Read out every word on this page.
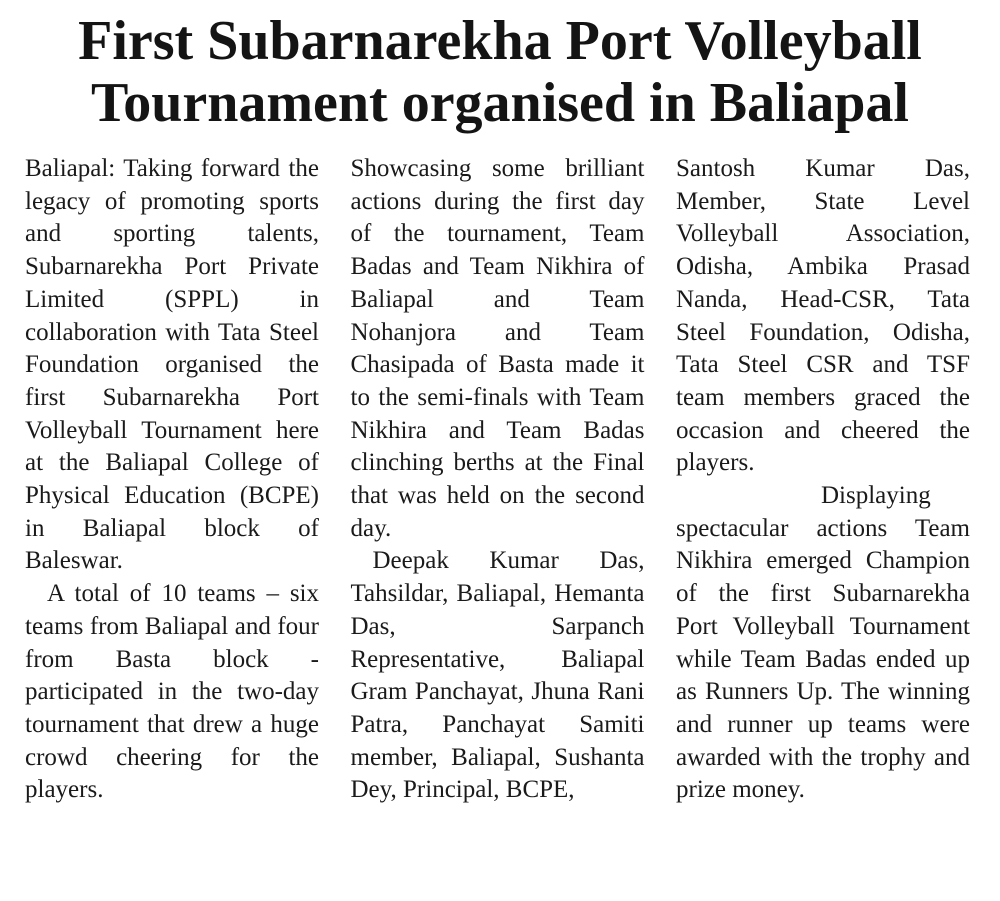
First Subarnarekha Port Volleyball
Tournament organised in Baliapal

Baliapal: Taking forward the legacy of promoting sports and sporting talents, Subarnarekha Port Private Limited (SPPL) in collaboration with Tata Steel Foundation organised the first Subarnarekha Port Volleyball Tournament here at the Baliapal College of Physical Education (BCPE) in Baliapal block of Baleswar.

A total of 10 teams – six teams from Baliapal and four from Basta block - participated in the two-day tournament that drew a huge crowd cheering for the players.

Showcasing some brilliant actions during the first day of the tournament, Team Badas and Team Nikhira of Baliapal and Team Nohanjora and Team Chasipada of Basta made it to the semi-finals with Team Nikhira and Team Badas clinching berths at the Final that was held on the second day.

Deepak Kumar Das, Tahsildar, Baliapal, Hemanta Das, Sarpanch Representative, Baliapal Gram Panchayat, Jhuna Rani Patra, Panchayat Samiti member, Baliapal, Sushanta Dey, Principal, BCPE,

Santosh Kumar Das, Member, State Level Volleyball Association, Odisha, Ambika Prasad Nanda, Head-CSR, Tata Steel Foundation, Odisha, Tata Steel CSR and TSF team members graced the occasion and cheered the players.

Displaying spectacular actions Team Nikhira emerged Champion of the first Subarnarekha Port Volleyball Tournament while Team Badas ended up as Runners Up. The winning and runner up teams were awarded with the trophy and prize money.
